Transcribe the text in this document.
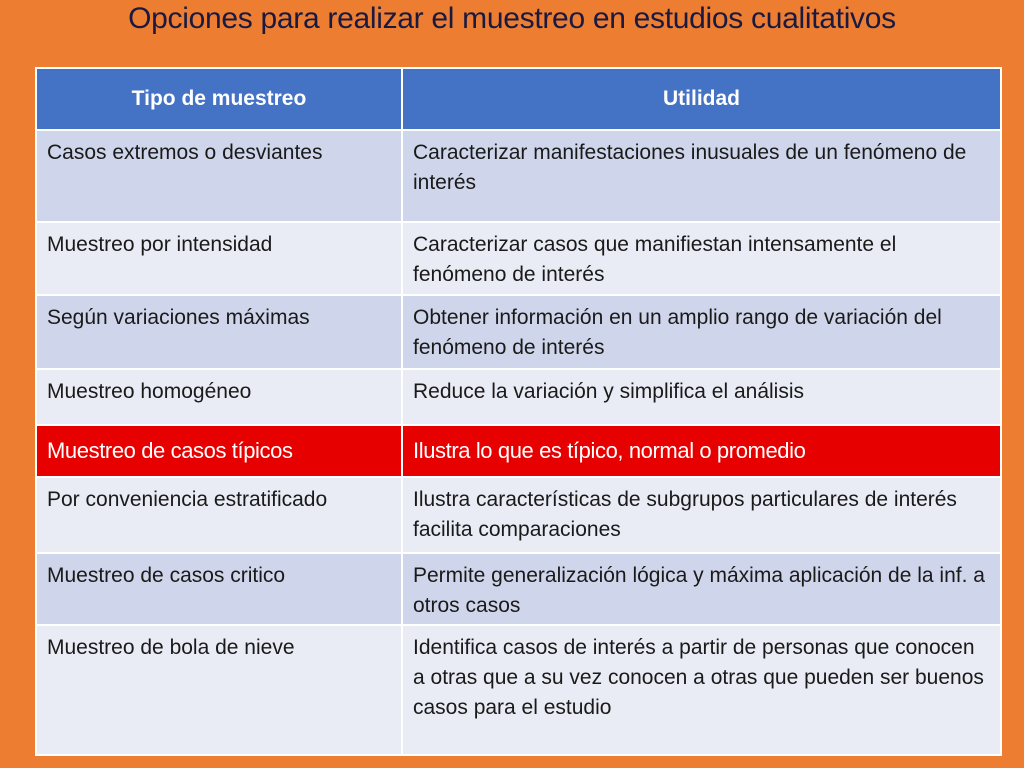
Opciones para realizar el muestreo en estudios cualitativos
Tipo de muestreo	Utilidad
Casos extremos o desviantes	Caracterizar manifestaciones inusuales de un fenómeno de interés
Muestreo por intensidad	Caracterizar casos que manifiestan intensamente el fenómeno de interés
Según variaciones máximas	Obtener información en un amplio rango de variación del fenómeno de interés
Muestreo homogéneo	Reduce la variación y simplifica el análisis
Muestreo de casos típicos	Ilustra lo que es típico, normal o promedio
Por conveniencia estratificado	Ilustra características de subgrupos particulares de interés facilita comparaciones
Muestreo de casos critico	Permite generalización lógica y máxima aplicación de la inf. a otros casos
Muestreo de bola de nieve	Identifica casos de interés a partir de personas que conocen a otras que a su vez conocen a otras que pueden ser buenos casos para el estudio
